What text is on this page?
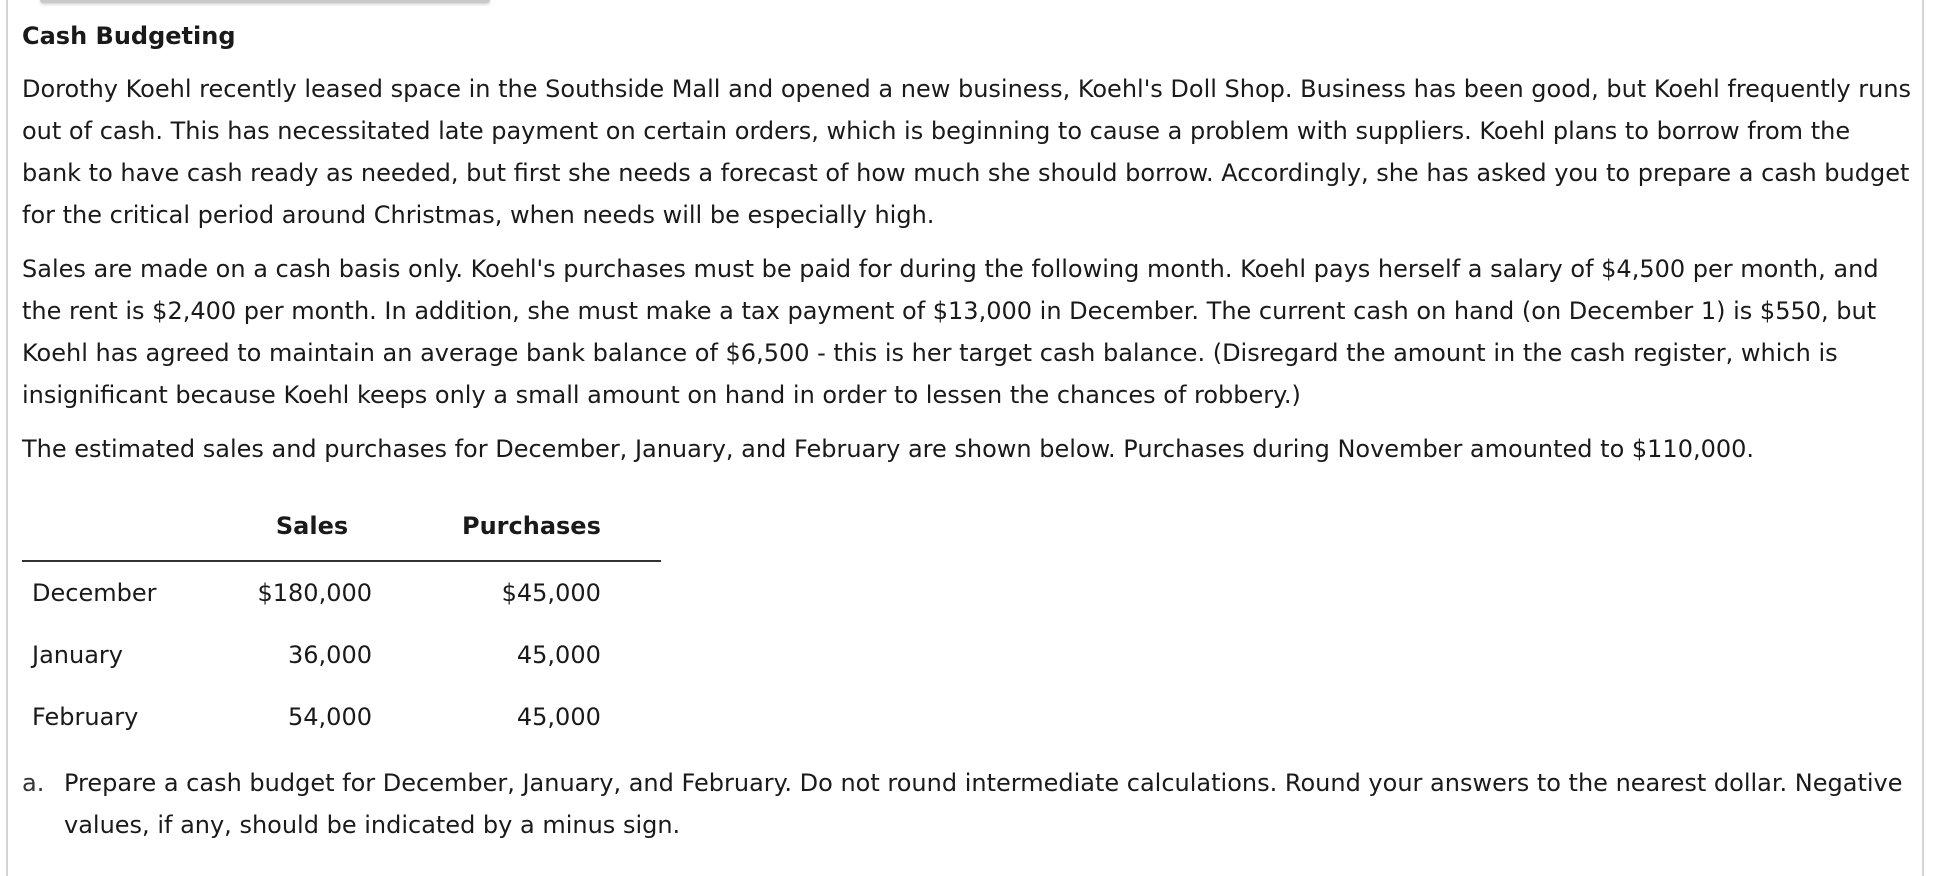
Cash Budgeting

Dorothy Koehl recently leased space in the Southside Mall and opened a new business, Koehl's Doll Shop. Business has been good, but Koehl frequently runs out of cash. This has necessitated late payment on certain orders, which is beginning to cause a problem with suppliers. Koehl plans to borrow from the bank to have cash ready as needed, but first she needs a forecast of how much she should borrow. Accordingly, she has asked you to prepare a cash budget for the critical period around Christmas, when needs will be especially high.

Sales are made on a cash basis only. Koehl's purchases must be paid for during the following month. Koehl pays herself a salary of $4,500 per month, and the rent is $2,400 per month. In addition, she must make a tax payment of $13,000 in December. The current cash on hand (on December 1) is $550, but Koehl has agreed to maintain an average bank balance of $6,500 - this is her target cash balance. (Disregard the amount in the cash register, which is insignificant because Koehl keeps only a small amount on hand in order to lessen the chances of robbery.)

The estimated sales and purchases for December, January, and February are shown below. Purchases during November amounted to $110,000.

	Sales		Purchases	
December	$180,000		$45,000	
January	36,000		45,000	
February	54,000		45,000	
a. Prepare a cash budget for December, January, and February. Do not round intermediate calculations. Round your answers to the nearest dollar. Negative values, if any, should be indicated by a minus sign.
